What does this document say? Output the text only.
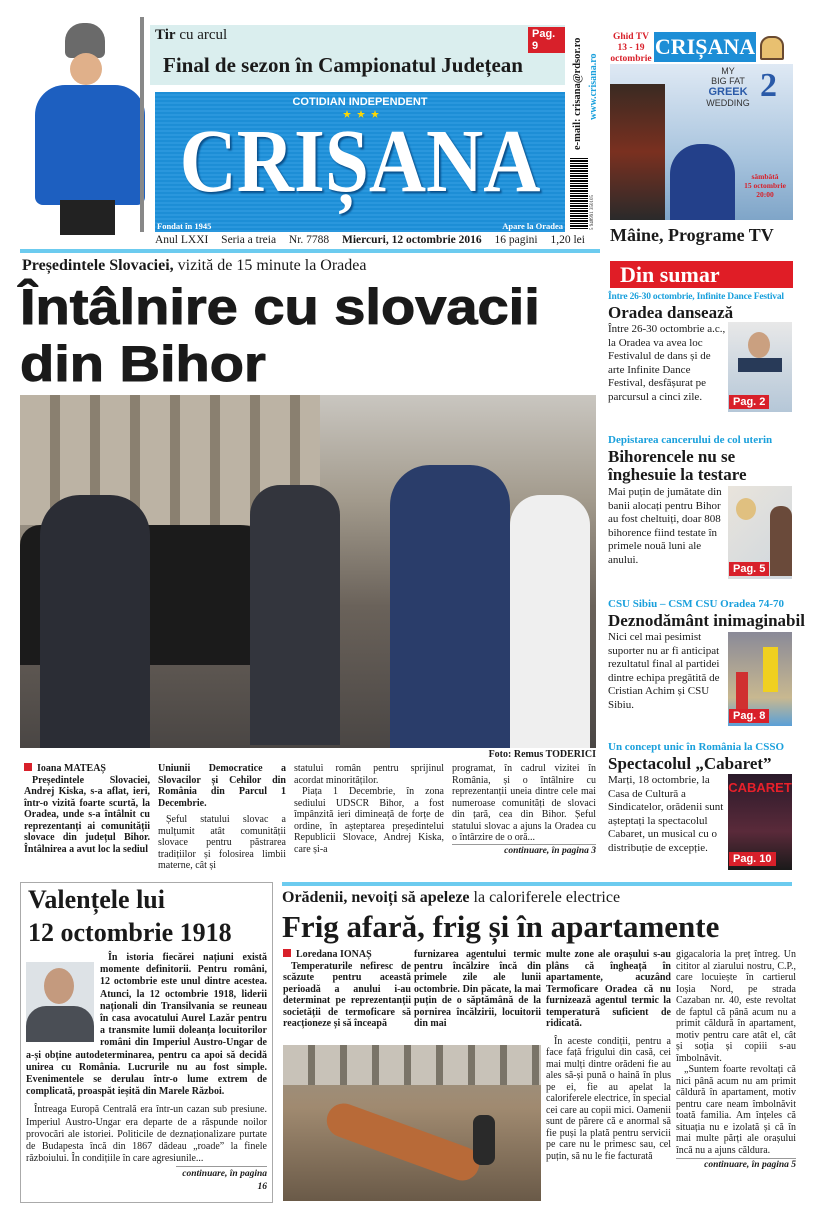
Tir cu arcul
Final de sezon în Campionatul Județean
Pag. 9
COTIDIAN INDEPENDENT
CRIȘANA
Fondat în 1945	Apare la Oradea
e-mail: crisana@rdsor.ro www.crisana.ro
5 948991 350105
Anul LXXI Seria a treia Nr. 7788 Miercuri, 12 octombrie 2016 16 pagini 1,20 lei
Ghid TV
13 - 19
octombrie CRIȘANA
MY
BIG FAT
GREEK
WEDDING 2
sâmbătă
15 octombrie
20:00
Mâine, Programe TV
Președintele Slovaciei, vizită de 15 minute la Oradea
Întâlnire cu slovacii
din Bihor
Foto: Remus TODERICI
Ioana MATEAȘ

Președintele Slovaciei, Andrej Kiska, s-a aflat, ieri, într-o vizită foarte scurtă, la Oradea, unde s-a întâlnit cu reprezentanți ai comunității slovace din județul Bihor. Întâlnirea a avut loc la sediul

Uniunii Democratice a Slovacilor și Cehilor din România din Parcul 1 Decembrie.

Șeful statului slovac a mulțumit atât comunității slovace pentru păstrarea tradițiilor și folosirea limbii materne, cât și

statului român pentru sprijinul acordat minorităților.

Piața 1 Decembrie, în zona sediului UDSCR Bihor, a fost împânzită ieri dimineață de forțe de ordine, în așteptarea președintelui Republicii Slovace, Andrej Kiska, care și-a

programat, în cadrul vizitei în România, și o întâlnire cu reprezentanții uneia dintre cele mai numeroase comunități de slovaci din țară, cea din Bihor. Șeful statului slovac a ajuns la Oradea cu o întârzire de o oră...
continuare, în pagina 3
Din sumar
Între 26-30 octombrie, Infinite Dance Festival
Oradea dansează
Între 26-30 octombrie a.c., la Oradea va avea loc Festivalul de dans și de arte Infinite Dance Festival, desfășurat pe parcursul a cinci zile.	Pag. 2
Depistarea cancerului de col uterin
Bihorencele nu se înghesuie la testare
Mai puțin de jumătate din banii alocați pentru Bihor au fost cheltuiți, doar 808 bihorence fiind testate în primele nouă luni ale anului.
Pag. 5
CSU Sibiu – CSM CSU Oradea 74-70
Deznodământ inimaginabil
Nici cel mai pesimist suporter nu ar fi anticipat rezultatul final al partidei dintre echipa pregătită de Cristian Achim și CSU Sibiu.
Pag. 8
Un concept unic în România la CSSO
Spectacolul „Cabaret”
Marți, 18 octombrie, la Casa de Cultură a Sindicatelor, orădenii sunt așteptați la spectacolul Cabaret, un musical cu o distribuție de excepție.
CABARET
Pag. 10
Valențele lui
12 octombrie 1918

În istoria fiecărei națiuni există momente definitorii. Pentru români, 12 octombrie este unul dintre acestea. Atunci, la 12 octombrie 1918, liderii naționali din Transilvania se reuneau în casa avocatului Aurel Lazăr pentru a transmite lumii doleanța locuitorilor români din Imperiul Austro-Ungar de a-și obține autodeterminarea, pentru ca apoi să decidă unirea cu România. Lucrurile nu au fost simple. Evenimentele se derulau într-o lume extrem de complicată, proaspăt ieșită din Marele Război.

Întreaga Europă Centrală era într-un cazan sub presiune. Imperiul Austro-Ungar era departe de a răspunde noilor provocări ale istoriei. Politicile de deznaționalizare purtate de Budapesta încă din 1867 dădeau „roade” la finele războiului. În condițiile în care agresiunile...

continuare, în pagina 16
Orădenii, nevoiți să apeleze la caloriferele electrice
Frig afară, frig și în apartamente
Loredana IONAȘ

Temperaturile nefiresc de scăzute pentru această perioadă a anului i-au determinat pe reprezentanții societății de termoficare să reacționeze și să înceapă

furnizarea agentului termic pentru încălzire încă din primele zile ale lunii octombrie. Din păcate, la mai puțin de o săptămână de la pornirea încălzirii, locuitorii din mai
multe zone ale orașului s-au plâns că îngheață în apartamente, acuzând Termoficare Oradea că nu furnizează agentul termic la temperatură suficient de ridicată.

În aceste condiții, pentru a face față frigului din casă, cei mai mulți dintre orădeni fie au ales să-și pună o haină în plus pe ei, fie au apelat la caloriferele electrice, în special cei care au copii mici. Oamenii sunt de părere că e anormal să fie puși la plată pentru servicii pe care nu le primesc sau, cel puțin, să nu le fie facturată

gigacaloria la preț întreg. Un cititor al ziarului nostru, C.P., care locuiește în cartierul Ioșia Nord, pe strada Cazaban nr. 40, este revoltat de faptul că până acum nu a primit căldură în apartament, motiv pentru care atât el, cât și soția și copiii s-au îmbolnăvit.

„Suntem foarte revoltați că nici până acum nu am primit căldură în apartament, motiv pentru care neam îmbolnăvit toată familia. Am înțeles că situația nu e izolată și că în mai multe părți ale orașului încă nu a ajuns căldura.

continuare, în pagina 5
